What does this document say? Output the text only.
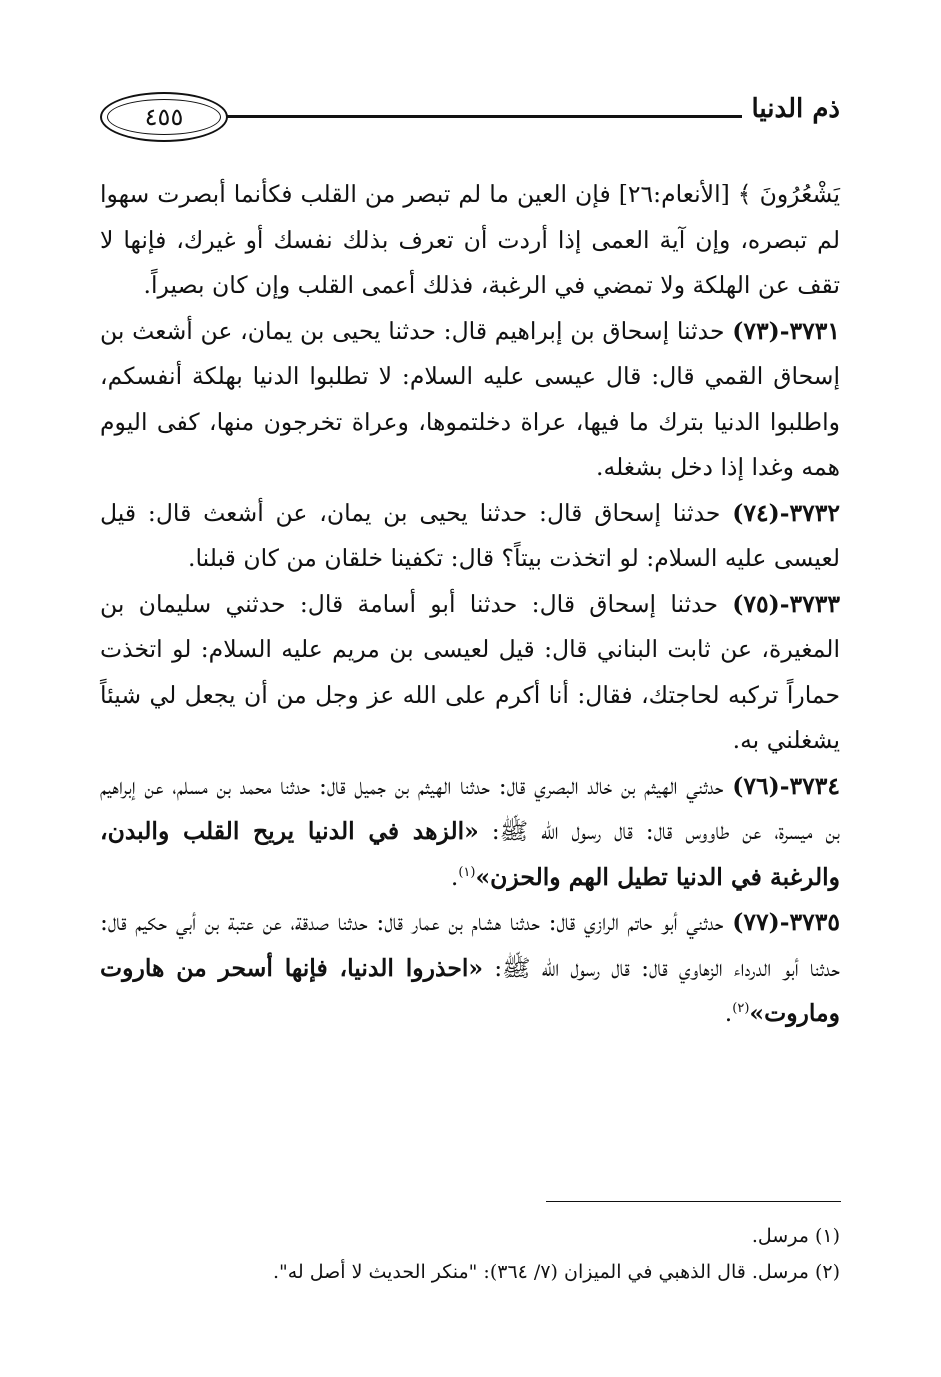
٤٥٥	ذم الدنيا

يَشْعُرُونَ ﴾ [الأنعام:٢٦] فإن العين ما لم تبصر من القلب فكأنما أبصرت سهوا لم تبصره، وإن آية العمى إذا أردت أن تعرف بذلك نفسك أو غيرك، فإنها لا تقف عن الهلكة ولا تمضي في الرغبة، فذلك أعمى القلب وإن كان بصيراً.

٣٧٣١-(٧٣) حدثنا إسحاق بن إبراهيم قال: حدثنا يحيى بن يمان، عن أشعث بن إسحاق القمي قال: قال عيسى عليه السلام: لا تطلبوا الدنيا بهلكة أنفسكم، واطلبوا الدنيا بترك ما فيها، عراة دخلتموها، وعراة تخرجون منها، كفى اليوم همه وغدا إذا دخل بشغله.

٣٧٣٢-(٧٤) حدثنا إسحاق قال: حدثنا يحيى بن يمان، عن أشعث قال: قيل لعيسى عليه السلام: لو اتخذت بيتاً؟ قال: تكفينا خلقان من كان قبلنا.

٣٧٣٣-(٧٥) حدثنا إسحاق قال: حدثنا أبو أسامة قال: حدثني سليمان بن المغيرة، عن ثابت البناني قال: قيل لعيسى بن مريم عليه السلام: لو اتخذت حماراً تركبه لحاجتك، فقال: أنا أكرم على الله عز وجل من أن يجعل لي شيئاً يشغلني به.

٣٧٣٤-(٧٦) حدثني الهيثم بن خالد البصري قال: حدثنا الهيثم بن جميل قال: حدثنا محمد بن مسلم، عن إبراهيم بن ميسرة، عن طاووس قال: قال رسول الله ﷺ: «الزهد في الدنيا يريح القلب والبدن، والرغبة في الدنيا تطيل الهم والحزن»$^{(١)}$.

٣٧٣٥-(٧٧) حدثني أبو حاتم الرازي قال: حدثنا هشام بن عمار قال: حدثنا صدقة، عن عتبة بن أبي حكيم قال: حدثنا أبو الدرداء الزهاوي قال: قال رسول الله ﷺ: «احذروا الدنيا، فإنها أسحر من هاروت وماروت»$^{(٢)}$.

(١) مرسل.

(٢) مرسل. قال الذهبي في الميزان (٧/ ٣٦٤): "منكر الحديث لا أصل له".
